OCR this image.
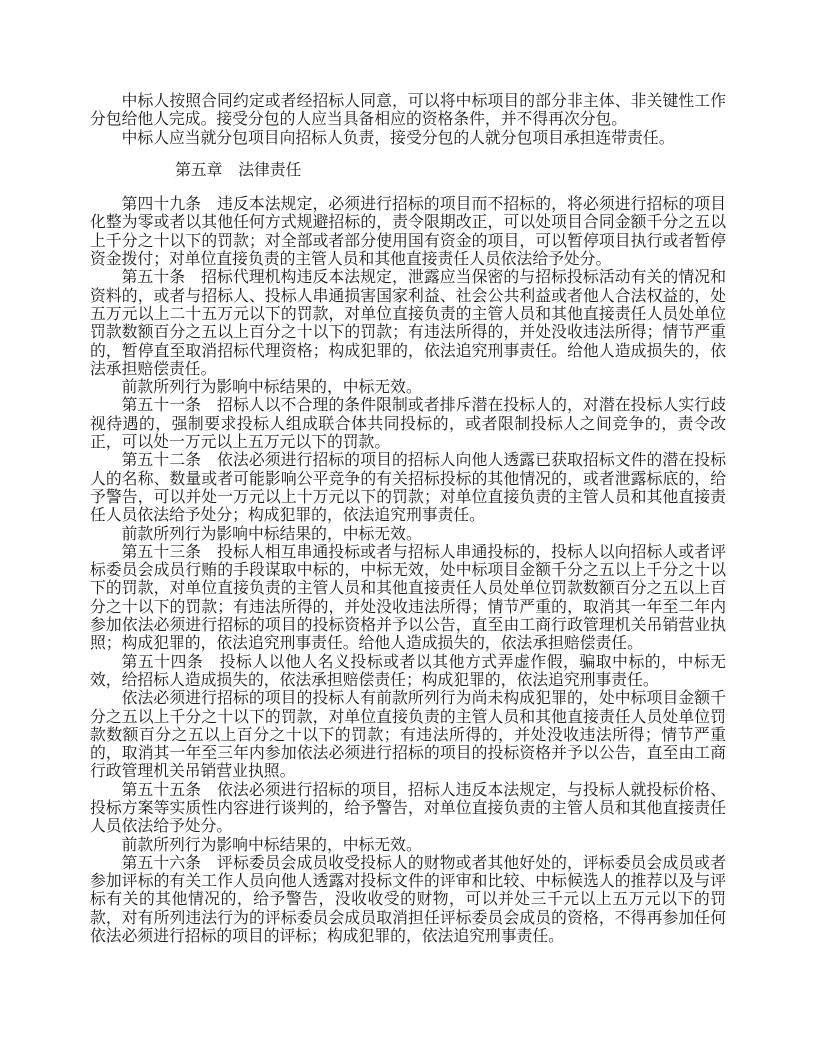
中标人按照合同约定或者经招标人同意，可以将中标项目的部分非主体、非关键性工作分包给他人完成。接受分包的人应当具备相应的资格条件，并不得再次分包。

中标人应当就分包项目向招标人负责，接受分包的人就分包项目承担连带责任。

第五章　法律责任

第四十九条　违反本法规定，必须进行招标的项目而不招标的，将必须进行招标的项目化整为零或者以其他任何方式规避招标的，责令限期改正，可以处项目合同金额千分之五以上千分之十以下的罚款；对全部或者部分使用国有资金的项目，可以暂停项目执行或者暂停资金拨付；对单位直接负责的主管人员和其他直接责任人员依法给予处分。

第五十条　招标代理机构违反本法规定，泄露应当保密的与招标投标活动有关的情况和资料的，或者与招标人、投标人串通损害国家利益、社会公共利益或者他人合法权益的，处五万元以上二十五万元以下的罚款，对单位直接负责的主管人员和其他直接责任人员处单位罚款数额百分之五以上百分之十以下的罚款；有违法所得的，并处没收违法所得；情节严重的，暂停直至取消招标代理资格；构成犯罪的，依法追究刑事责任。给他人造成损失的，依法承担赔偿责任。

前款所列行为影响中标结果的，中标无效。

第五十一条　招标人以不合理的条件限制或者排斥潜在投标人的，对潜在投标人实行歧视待遇的，强制要求投标人组成联合体共同投标的，或者限制投标人之间竞争的，责令改正，可以处一万元以上五万元以下的罚款。

第五十二条　依法必须进行招标的项目的招标人向他人透露已获取招标文件的潜在投标人的名称、数量或者可能影响公平竞争的有关招标投标的其他情况的，或者泄露标底的，给予警告，可以并处一万元以上十万元以下的罚款；对单位直接负责的主管人员和其他直接责任人员依法给予处分；构成犯罪的，依法追究刑事责任。

前款所列行为影响中标结果的，中标无效。

第五十三条　投标人相互串通投标或者与招标人串通投标的，投标人以向招标人或者评标委员会成员行贿的手段谋取中标的，中标无效，处中标项目金额千分之五以上千分之十以下的罚款，对单位直接负责的主管人员和其他直接责任人员处单位罚款数额百分之五以上百分之十以下的罚款；有违法所得的，并处没收违法所得；情节严重的，取消其一年至二年内参加依法必须进行招标的项目的投标资格并予以公告，直至由工商行政管理机关吊销营业执照；构成犯罪的，依法追究刑事责任。给他人造成损失的，依法承担赔偿责任。

第五十四条　投标人以他人名义投标或者以其他方式弄虚作假，骗取中标的，中标无效，给招标人造成损失的，依法承担赔偿责任；构成犯罪的，依法追究刑事责任。

依法必须进行招标的项目的投标人有前款所列行为尚未构成犯罪的，处中标项目金额千分之五以上千分之十以下的罚款，对单位直接负责的主管人员和其他直接责任人员处单位罚款数额百分之五以上百分之十以下的罚款；有违法所得的，并处没收违法所得；情节严重的，取消其一年至三年内参加依法必须进行招标的项目的投标资格并予以公告，直至由工商行政管理机关吊销营业执照。

第五十五条　依法必须进行招标的项目，招标人违反本法规定，与投标人就投标价格、投标方案等实质性内容进行谈判的，给予警告，对单位直接负责的主管人员和其他直接责任人员依法给予处分。

前款所列行为影响中标结果的，中标无效。

第五十六条　评标委员会成员收受投标人的财物或者其他好处的，评标委员会成员或者参加评标的有关工作人员向他人透露对投标文件的评审和比较、中标候选人的推荐以及与评标有关的其他情况的，给予警告，没收收受的财物，可以并处三千元以上五万元以下的罚款，对有所列违法行为的评标委员会成员取消担任评标委员会成员的资格，不得再参加任何依法必须进行招标的项目的评标；构成犯罪的，依法追究刑事责任。
